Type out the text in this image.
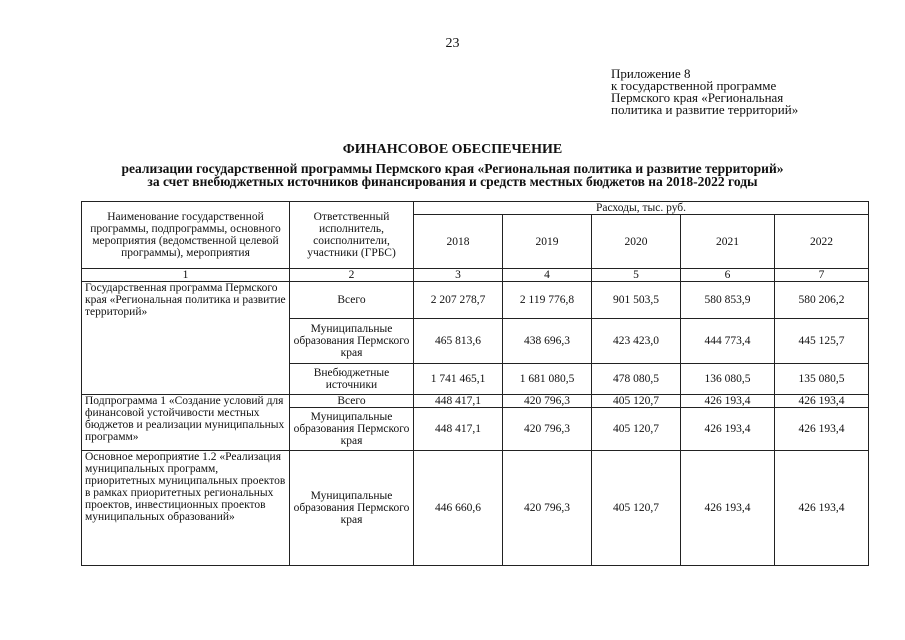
23
Приложение 8
к государственной программе
Пермского края «Региональная
политика и развитие территорий»
ФИНАНСОВОЕ ОБЕСПЕЧЕНИЕ
реализации государственной программы Пермского края «Региональная политика и развитие территорий»
за счет внебюджетных источников финансирования и средств местных бюджетов на 2018-2022 годы
Наименование государственной программы, подпрограммы, основного мероприятия (ведомственной целевой программы), мероприятия	Ответственный исполнитель, соисполнители, участники (ГРБС)	Расходы, тыс. руб.				
		2018	2019	2020	2021	2022
1	2	3	4	5	6	7
Государственная программа Пермского края «Региональная политика и развитие территорий»	Всего	2 207 278,7	2 119 776,8	901 503,5	580 853,9	580 206,2
	Муниципальные образования Пермского края	465 813,6	438 696,3	423 423,0	444 773,4	445 125,7
	Внебюджетные источники	1 741 465,1	1 681 080,5	478 080,5	136 080,5	135 080,5
Подпрограмма 1 «Создание условий для финансовой устойчивости местных бюджетов и реализации муниципальных программ»	Всего	448 417,1	420 796,3	405 120,7	426 193,4	426 193,4
	Муниципальные образования Пермского края	448 417,1	420 796,3	405 120,7	426 193,4	426 193,4
Основное мероприятие 1.2 «Реализация муниципальных программ, приоритетных муниципальных проектов в рамках приоритетных региональных проектов, инвестиционных проектов муниципальных образований»	Муниципальные образования Пермского края	446 660,6	420 796,3	405 120,7	426 193,4	426 193,4
